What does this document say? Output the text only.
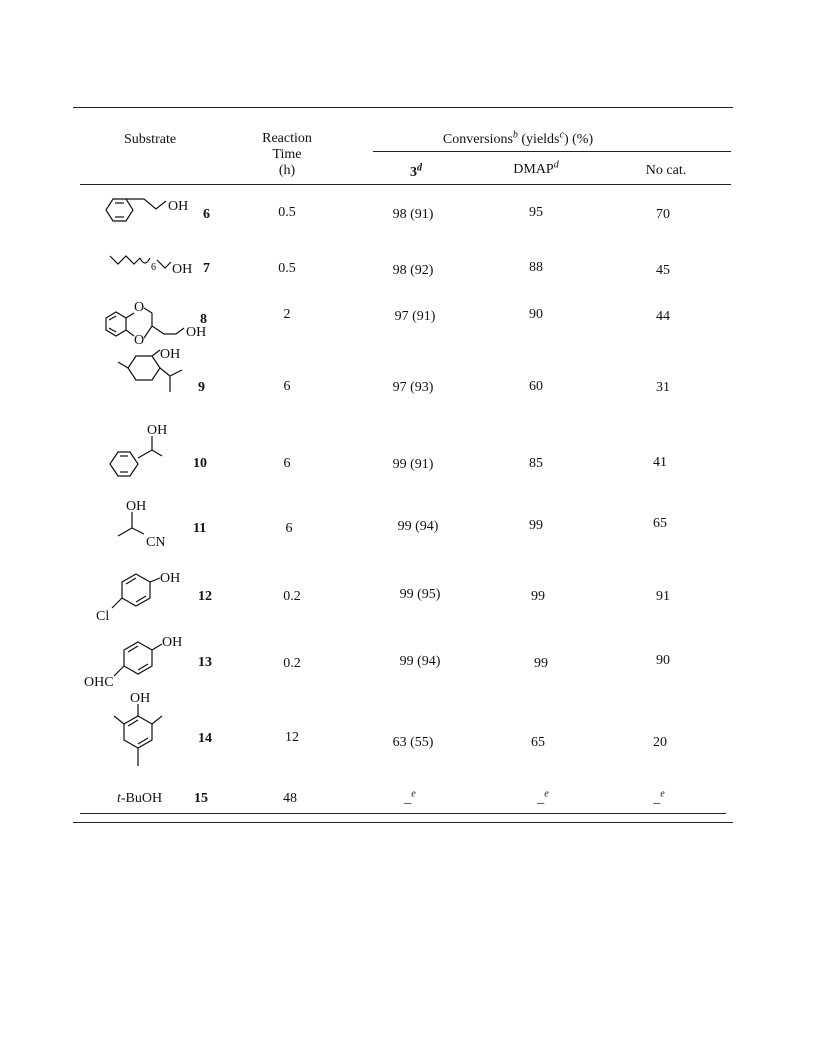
Substrate	Reaction
Time
(h)
Conversions$^b$ (yields$^c$) (%)
3$^d$	DMAP$^d$	No cat.
OH
6	0.5	98 (91)	95	70
6 OH 7	0.5	98 (92)	88	45
O
O
OH
8	2	97 (91)	90	44
OH
9	6	97 (93)	60	31
OH
10	6	99 (91)	85	41
OH
CN
11	6	99 (94)	99	65
OH
Cl
12	0.2	99 (95)	99	91
OH
OHC
13	0.2	99 (94)	99	90
OH
14	12	63 (55)	65	20
t-BuOH 15	48	_$^e$	_$^e$	_$^e$
